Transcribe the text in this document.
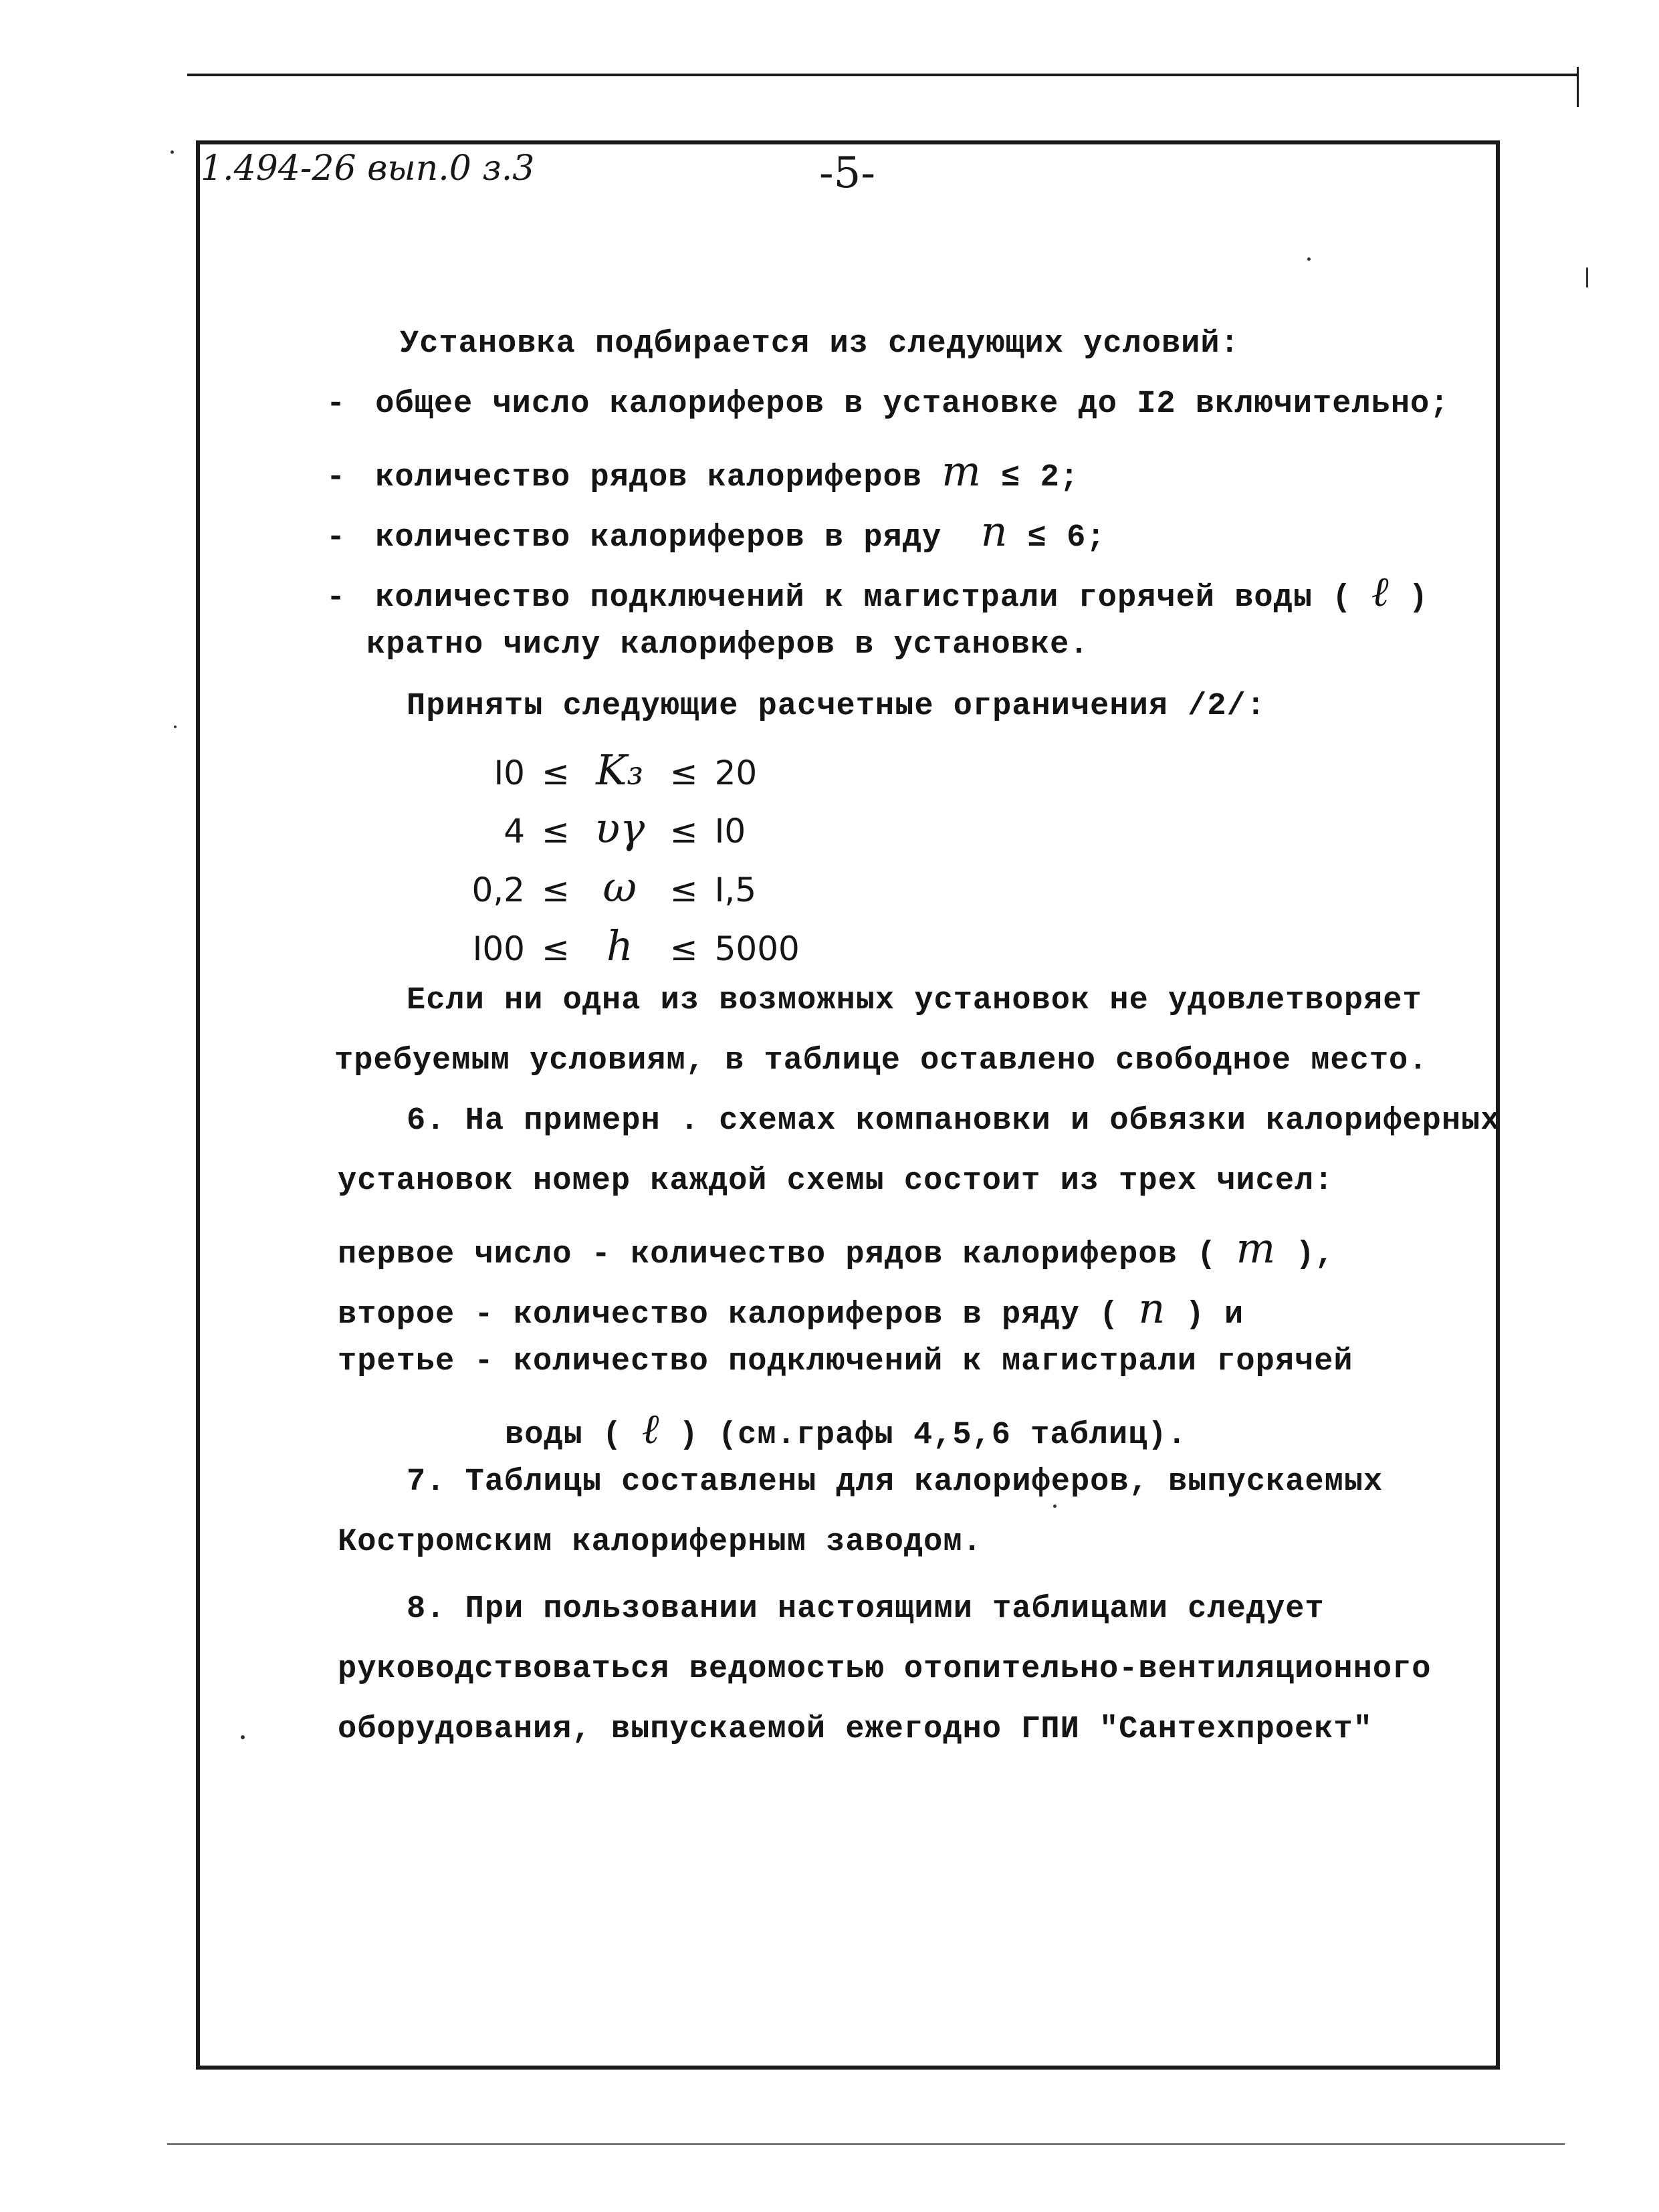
1.494-26 вып.0 з.3	-5-
Установка подбирается из следующих условий:
- общее число калориферов в установке до I2 включительно;
- количество рядов калориферов m ≤ 2;
- количество калориферов в ряду n ≤ 6;
- количество подключений к магистрали горячей воды ( ℓ )
кратно числу калориферов в установке.
Приняты следующие расчетные ограничения /2/:
I0 ≤ K₃ ≤ 20
4 ≤ υγ ≤ I0
0,2 ≤ ω ≤ I,5
I00 ≤ h ≤ 5000
Если ни одна из возможных установок не удовлетворяет
требуемым условиям, в таблице оставлено свободное место.
6. На примерн . схемах компановки и обвязки калориферных
установок номер каждой схемы состоит из трех чисел:
первое число - количество рядов калориферов ( m ),
второе - количество калориферов в ряду ( n ) и
третье - количество подключений к магистрали горячей
воды ( ℓ ) (см.графы 4,5,6 таблиц).
7. Таблицы составлены для калориферов, выпускаемых
Костромским калориферным заводом.
8. При пользовании настоящими таблицами следует
руководствоваться ведомостью отопительно-вентиляционного
оборудования, выпускаемой ежегодно ГПИ "Сантехпроект"
